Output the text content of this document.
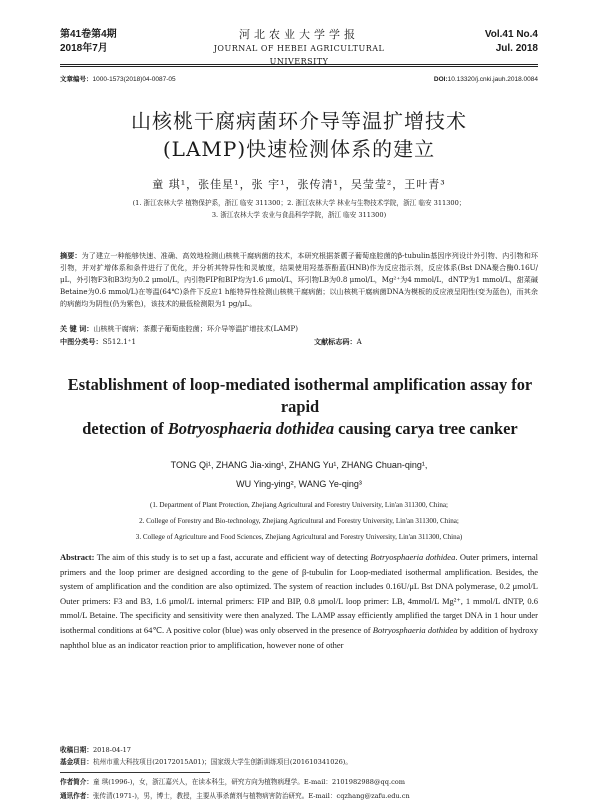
第41卷第4期
2018年7月
河北农业大学学报
JOURNAL OF HEBEI AGRICULTURAL UNIVERSITY
Vol.41 No.4
Jul. 2018
文章编号：1000-1573(2018)04-0087-05	DOI:10.13320/j.cnki.jauh.2018.0084
山核桃干腐病菌环介导等温扩增技术
(LAMP)快速检测体系的建立
童 琪¹，张佳星¹，张 宇¹，张传清¹，吴莹莹²，王叶青³
(1. 浙江农林大学 植物保护系，浙江 临安 311300；2. 浙江农林大学 林业与生物技术学院，浙江 临安 311300；
3. 浙江农林大学 农业与食品科学学院，浙江 临安 311300)
摘要：为了建立一种能够快速、准确、高效地检测山核桃干腐病菌的技术，本研究根据茶藨子葡萄座腔菌的β-tubulin基因序列设计外引物、内引物和环引物，并对扩增体系和条件进行了优化，并分析其特异性和灵敏度，结果使用羟基萘酚蓝(HNB)作为反应指示剂，反应体系(Bst DNA聚合酶0.16U/μL，外引物F3和B3均为0.2 μmol/L，内引物FIP和BIP均为1.6 μmol/L，环引物LB为0.8 μmol/L，Mg²⁺为4 mmol/L，dNTP为1 mmol/L，甜菜碱Betaine为0.6 mmol/L)在等温(64℃)条件下反应1 h能特异性检测山核桃干腐病菌；以山核桃干腐病菌DNA为模板的反应液呈阳性(变为蓝色)，而其余的病菌均为阴性(仍为紫色)，该技术的最低检测限为1 pg/μL。
关 键 词：山核桃干腐病；茶藨子葡萄座腔菌；环介导等温扩增技术(LAMP)
中图分类号：S512.1⁺1	文献标志码：A
Establishment of loop-mediated isothermal amplification assay for rapid
detection of Botryosphaeria dothidea causing carya tree canker
TONG Qi¹, ZHANG Jia-xing¹, ZHANG Yu¹, ZHANG Chuan-qing¹,
WU Ying-ying², WANG Ye-qing³
(1. Department of Plant Protection, Zhejiang Agricultural and Forestry University, Lin'an 311300, China;
2. College of Forestry and Bio-technology, Zhejiang Agricultural and Forestry University, Lin'an 311300, China;
3. College of Agriculture and Food Sciences, Zhejiang Agricultural and Forestry University, Lin'an 311300, China)
Abstract: The aim of this study is to set up a fast, accurate and efficient way of detecting Botryosphaeria dothidea. Outer primers, internal primers and the loop primer are designed according to the gene of β-tubulin for Loop-mediated isothermal amplification. Besides, the system of amplification and the condition are also optimized. The system of reaction includes 0.16U/μL Bst DNA polymerase, 0.2 μmol/L Outer primers: F3 and B3, 1.6 μmol/L internal primers: FIP and BIP, 0.8 μmol/L loop primer: LB, 4mmol/L Mg²⁺, 1 mmol/L dNTP, 0.6 mmol/L Betaine. The specificity and sensitivity were then analyzed. The LAMP assay efficiently amplified the target DNA in 1 hour under isothermal conditions at 64℃. A positive color (blue) was only observed in the presence of Botryosphaeria dothidea by addition of hydroxy naphthol blue as an indicator reaction prior to amplification, however none of other
收稿日期：2018-04-17
基金项目：杭州市重大科技项目(20172015A01)；国家级大学生创新训练项目(201610341026)。
作者简介：童 琪(1996-)，女，浙江嘉兴人，在读本科生，研究方向为植物病理学。E-mail：2101982988@qq.com
通讯作者：张传清(1971-)，男，博士，教授，主要从事杀菌剂与植物病害防治研究。E-mail：cqzhang@zafu.edu.cn
